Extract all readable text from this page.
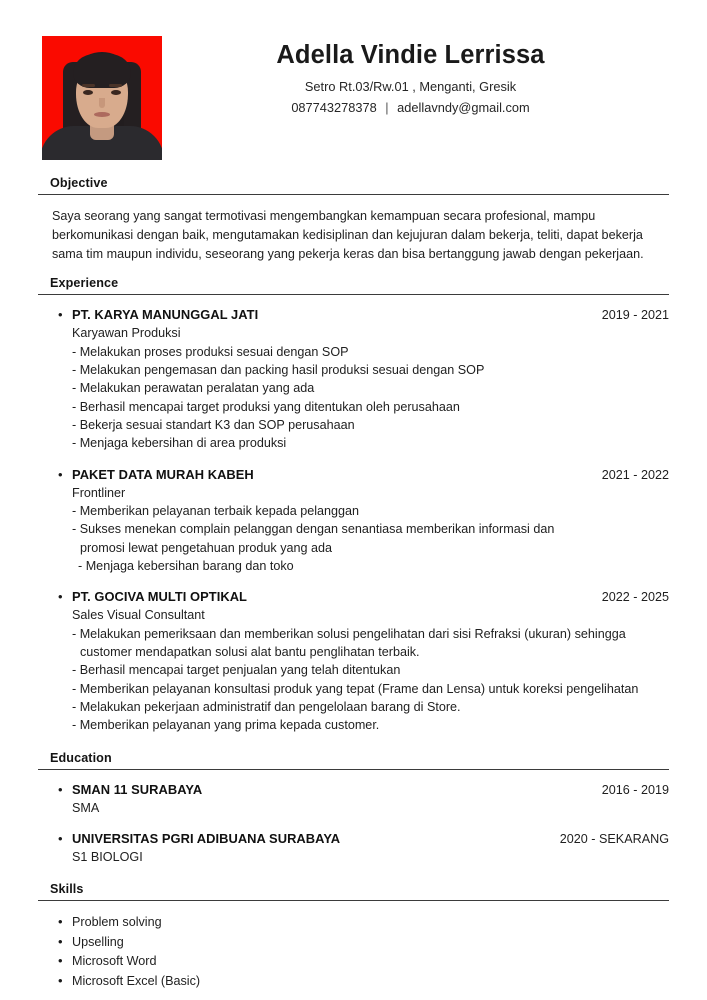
Adella Vindie Lerrissa
Setro Rt.03/Rw.01 , Menganti, Gresik
087743278378 | adellavndy@gmail.com
Objective
Saya seorang yang sangat termotivasi mengembangkan kemampuan secara profesional, mampu berkomunikasi dengan baik, mengutamakan kedisiplinan dan kejujuran dalam bekerja, teliti, dapat bekerja sama tim maupun individu, seseorang yang pekerja keras dan bisa bertanggung jawab dengan pekerjaan.
Experience
•
PT. KARYA MANUNGGAL JATI	2019 - 2021
Karyawan Produksi
- Melakukan proses produksi sesuai dengan SOP
- Melakukan pengemasan dan packing hasil produksi sesuai dengan SOP
- Melakukan perawatan peralatan yang ada
- Berhasil mencapai target produksi yang ditentukan oleh perusahaan
- Bekerja sesuai standart K3 dan SOP perusahaan
- Menjaga kebersihan di area produksi
•
PAKET DATA MURAH KABEH	2021 - 2022
Frontliner
- Memberikan pelayanan terbaik kepada pelanggan
- Sukses menekan complain pelanggan dengan senantiasa memberikan informasi dan
promosi lewat pengetahuan produk yang ada
- Menjaga kebersihan barang dan toko
•
PT. GOCIVA MULTI OPTIKAL	2022 - 2025
Sales Visual Consultant
- Melakukan pemeriksaan dan memberikan solusi pengelihatan dari sisi Refraksi (ukuran) sehingga
customer mendapatkan solusi alat bantu penglihatan terbaik.
- Berhasil mencapai target penjualan yang telah ditentukan
- Memberikan pelayanan konsultasi produk yang tepat (Frame dan Lensa) untuk koreksi pengelihatan
- Melakukan pekerjaan administratif dan pengelolaan barang di Store.
- Memberikan pelayanan yang prima kepada customer.
Education
•
SMAN 11 SURABAYA	2016 - 2019
SMA
•
UNIVERSITAS PGRI ADIBUANA SURABAYA	2020 - SEKARANG
S1 BIOLOGI
Skills
•
Problem solving
•
Upselling
•
Microsoft Word
•
Microsoft Excel (Basic)
